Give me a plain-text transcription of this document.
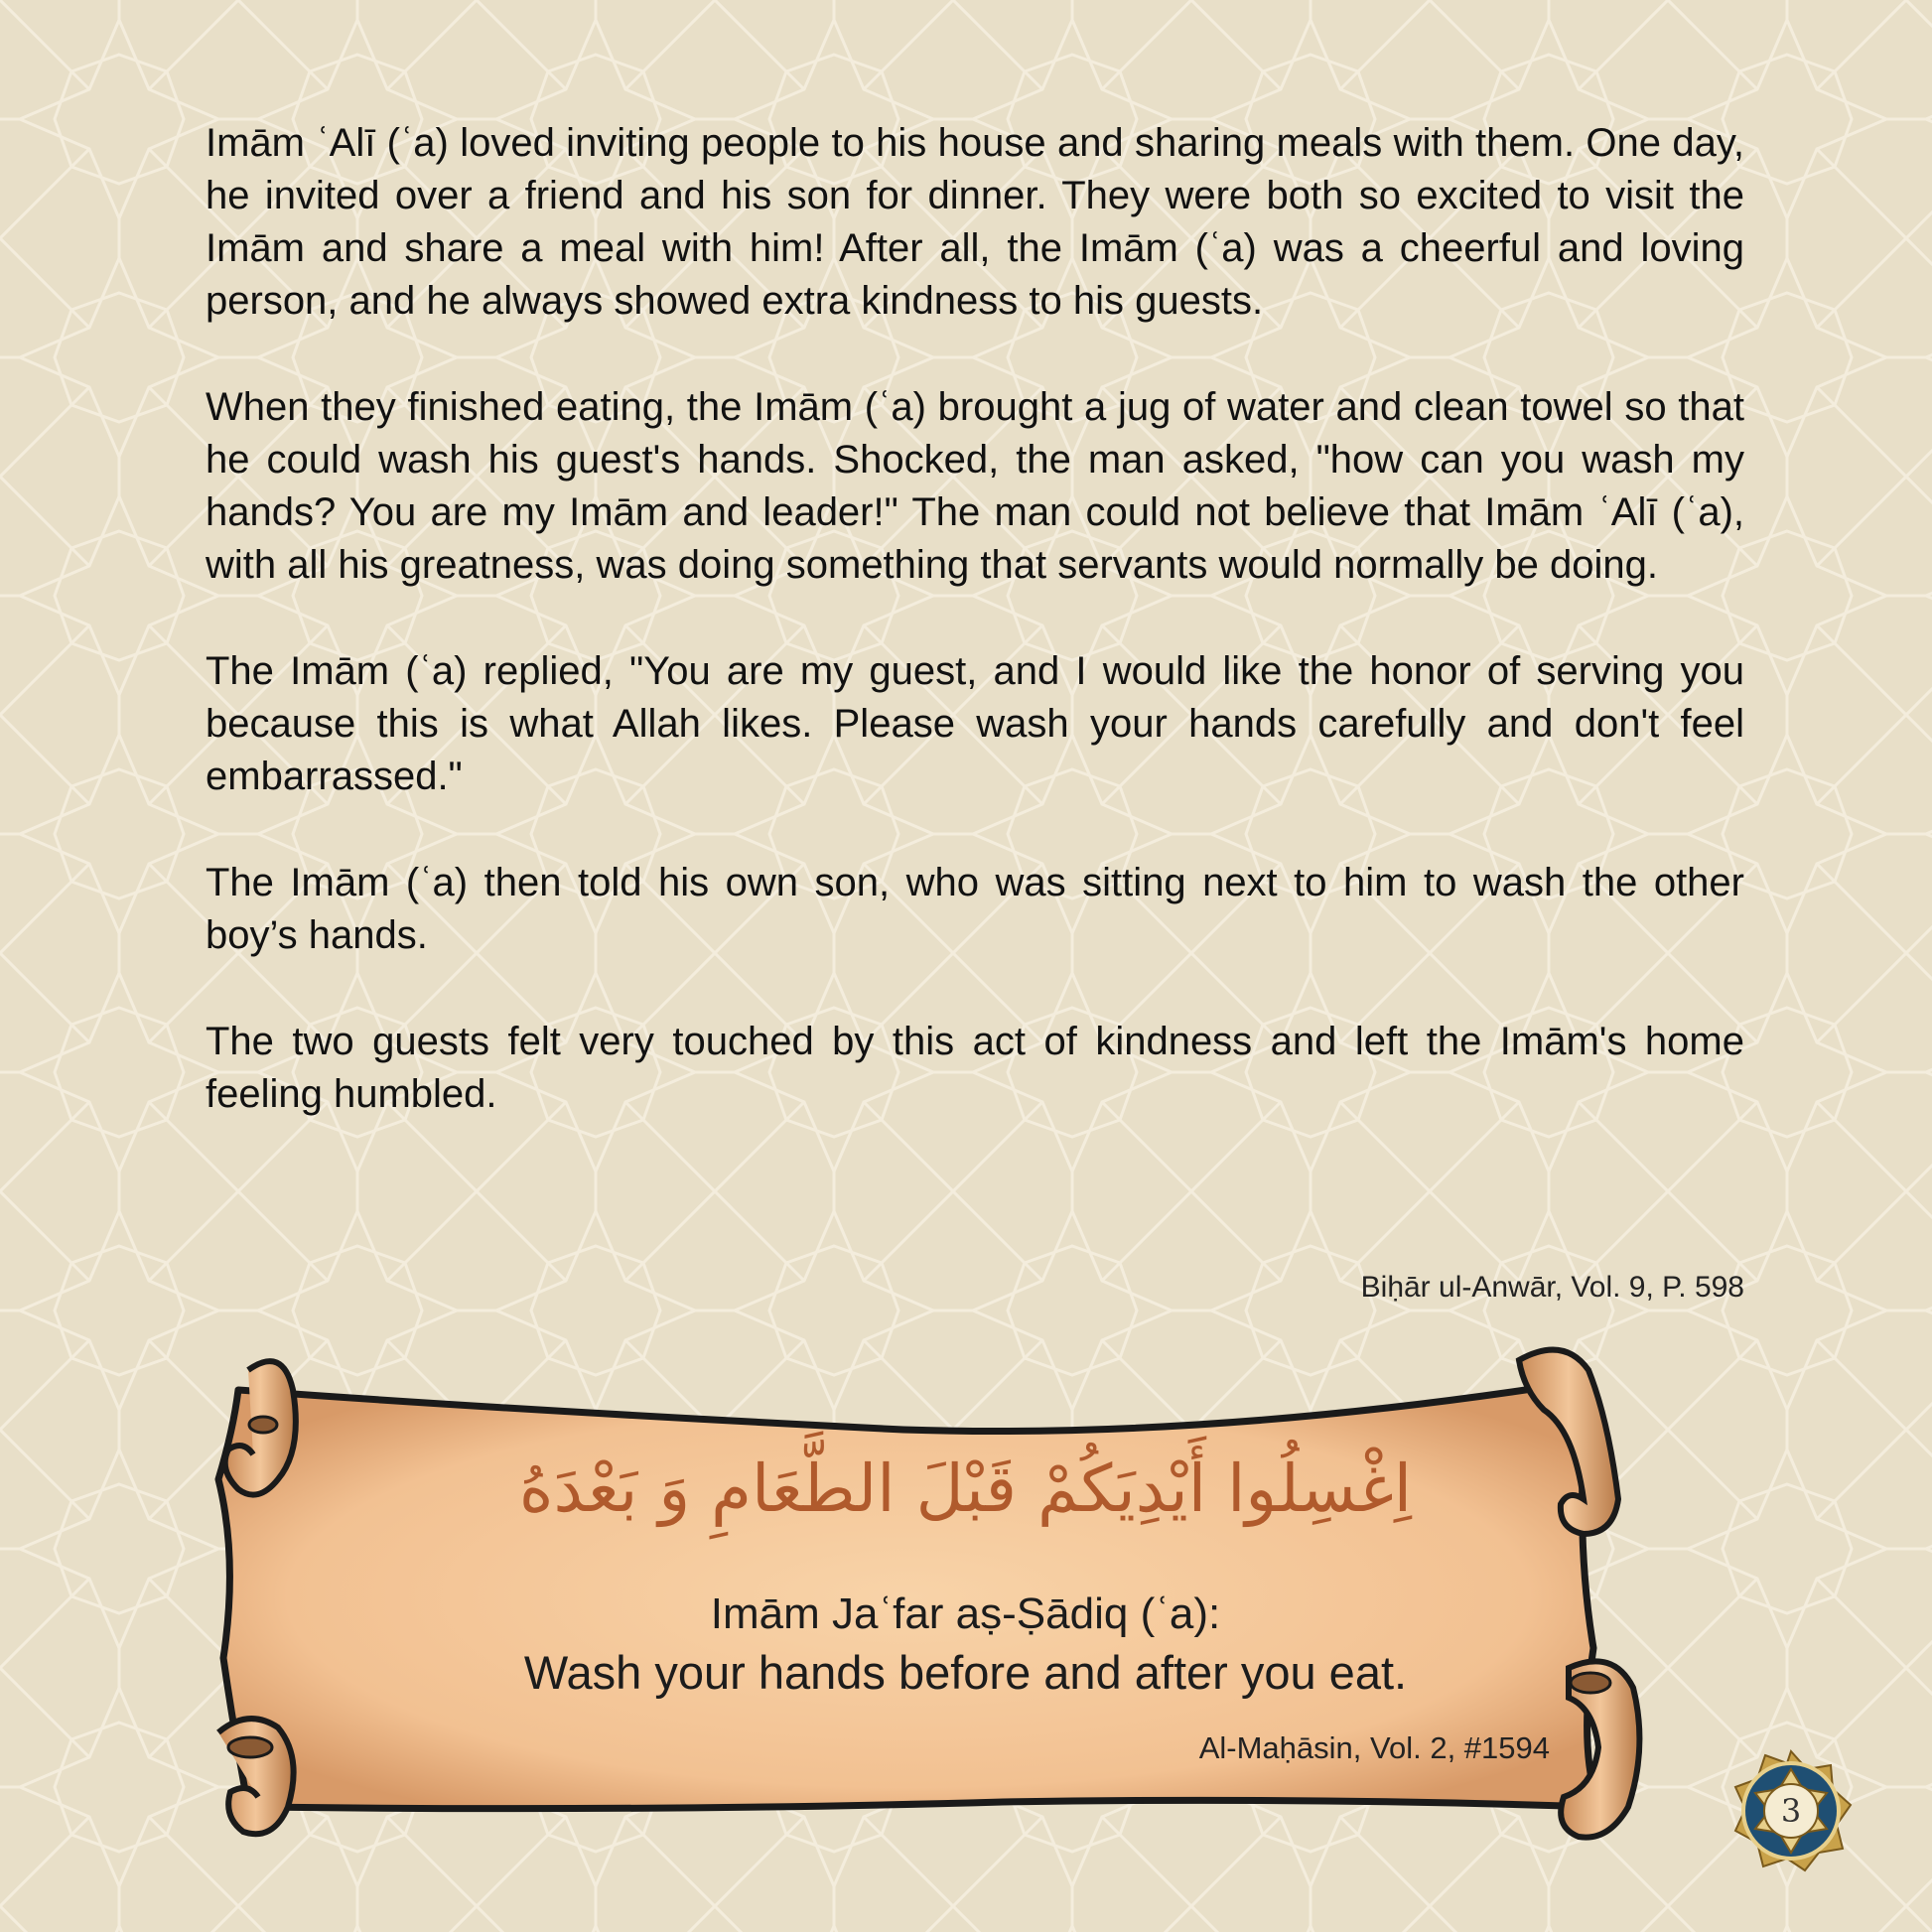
Imām ʿAlī (ʿa) loved inviting people to his house and sharing meals with them. One day, he invited over a friend and his son for dinner. They were both so excited to visit the Imām and share a meal with him! After all, the Imām (ʿa) was a cheerful and loving person, and he always showed extra kindness to his guests.

When they finished eating, the Imām (ʿa) brought a jug of water and clean towel so that he could wash his guest's hands. Shocked, the man asked, "how can you wash my hands? You are my Imām and leader!" The man could not believe that Imām ʿAlī (ʿa), with all his greatness, was doing something that servants would normally be doing.

The Imām (ʿa) replied, "You are my guest, and I would like the honor of serving you because this is what Allah likes. Please wash your hands carefully and don't feel embarrassed."

The Imām (ʿa) then told his own son, who was sitting next to him to wash the other boy’s hands.

The two guests felt very touched by this act of kindness and left the Imām's home feeling humbled.

Biḥār ul-Anwār, Vol. 9, P. 598
اِغْسِلُوا أَيْدِيَكُمْ قَبْلَ الطَّعَامِ وَ بَعْدَهُ
Imām Jaʿfar aṣ-Ṣādiq (ʿa):
Wash your hands before and after you eat.
Al-Maḥāsin, Vol. 2, #1594
3
